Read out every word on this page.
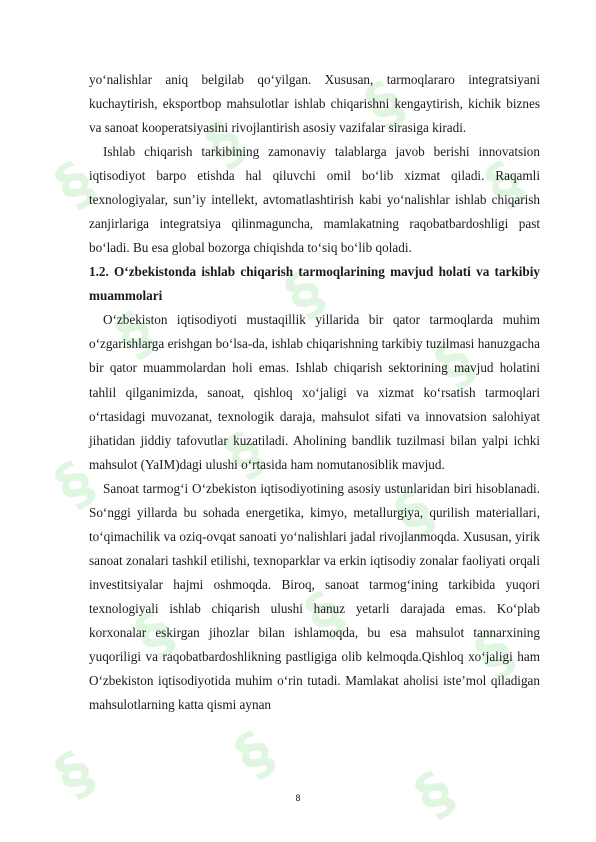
§
§
§
§
§
§
§
§ §
§
§ §
§
§ §
§

yo‘nalishlar aniq belgilab qo‘yilgan. Xususan, tarmoqlararo integratsiyani kuchaytirish, eksportbop mahsulotlar ishlab chiqarishni kengaytirish, kichik biznes va sanoat kooperatsiyasini rivojlantirish asosiy vazifalar sirasiga kiradi.

Ishlab chiqarish tarkibining zamonaviy talablarga javob berishi innovatsion iqtisodiyot barpo etishda hal qiluvchi omil bo‘lib xizmat qiladi. Raqamli texnologiyalar, sun’iy intellekt, avtomatlashtirish kabi yo‘nalishlar ishlab chiqarish zanjirlariga integratsiya qilinmaguncha, mamlakatning raqobatbardoshligi past bo‘ladi. Bu esa global bozorga chiqishda to‘siq bo‘lib qoladi.

1.2. O‘zbekistonda ishlab chiqarish tarmoqlarining mavjud holati va tarkibiy muammolari

O‘zbekiston iqtisodiyoti mustaqillik yillarida bir qator tarmoqlarda muhim o‘zgarishlarga erishgan bo‘lsa-da, ishlab chiqarishning tarkibiy tuzilmasi hanuzgacha bir qator muammolardan holi emas. Ishlab chiqarish sektorining mavjud holatini tahlil qilganimizda, sanoat, qishloq xo‘jaligi va xizmat ko‘rsatish tarmoqlari o‘rtasidagi muvozanat, texnologik daraja, mahsulot sifati va innovatsion salohiyat jihatidan jiddiy tafovutlar kuzatiladi. Aholining bandlik tuzilmasi bilan yalpi ichki mahsulot (YaIM)dagi ulushi o‘rtasida ham nomutanosiblik mavjud.

Sanoat tarmog‘i O‘zbekiston iqtisodiyotining asosiy ustunlaridan biri hisoblanadi. So‘nggi yillarda bu sohada energetika, kimyo, metallurgiya, qurilish materiallari, to‘qimachilik va oziq-ovqat sanoati yo‘nalishlari jadal rivojlanmoqda. Xususan, yirik sanoat zonalari tashkil etilishi, texnoparklar va erkin iqtisodiy zonalar faoliyati orqali investitsiyalar hajmi oshmoqda. Biroq, sanoat tarmog‘ining tarkibida yuqori texnologiyali ishlab chiqarish ulushi hanuz yetarli darajada emas. Ko‘plab korxonalar eskirgan jihozlar bilan ishlamoqda, bu esa mahsulot tannarxining yuqoriligi va raqobatbardoshlikning pastligiga olib kelmoqda.Qishloq xo‘jaligi ham O‘zbekiston iqtisodiyotida muhim o‘rin tutadi. Mamlakat aholisi iste’mol qiladigan mahsulotlarning katta qismi aynan

8
